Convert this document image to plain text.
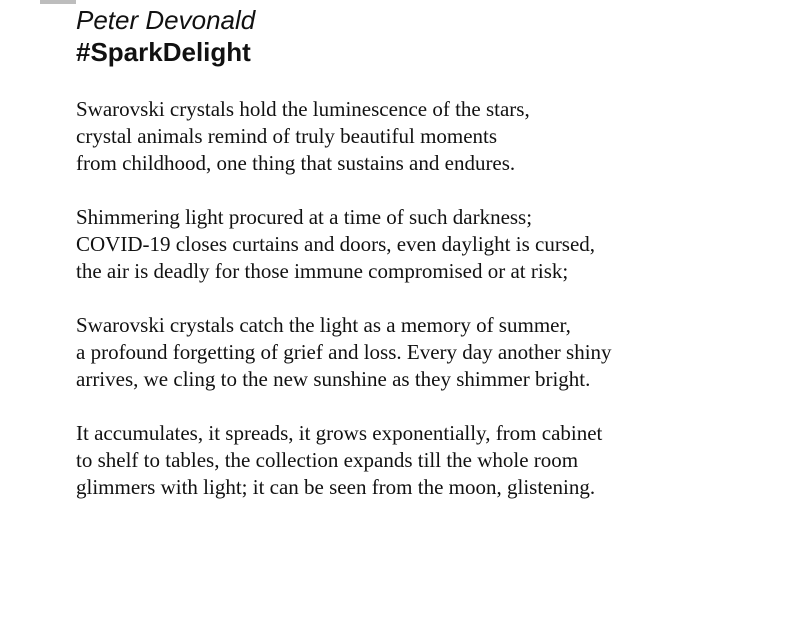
Peter Devonald
#SparkDelight
Swarovski crystals hold the luminescence of the stars,
crystal animals remind of truly beautiful moments
from childhood, one thing that sustains and endures.
Shimmering light procured at a time of such darkness;
COVID-19 closes curtains and doors, even daylight is cursed,
the air is deadly for those immune compromised or at risk;
Swarovski crystals catch the light as a memory of summer,
a profound forgetting of grief and loss. Every day another shiny
arrives, we cling to the new sunshine as they shimmer bright.
It accumulates, it spreads, it grows exponentially, from cabinet
to shelf to tables, the collection expands till the whole room
glimmers with light; it can be seen from the moon, glistening.
